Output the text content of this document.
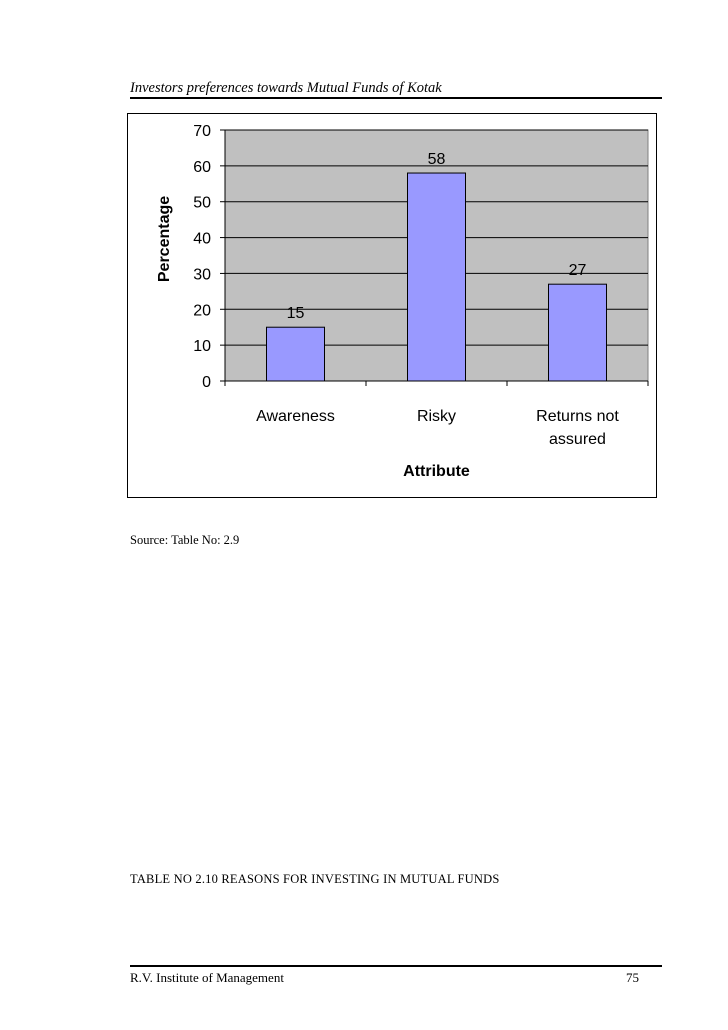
Investors preferences towards Mutual Funds of Kotak
0
10
20
30
40
50
60
70
15
Awareness
58
Risky
27
Returns not
assured
Attribute
Percentage
Source: Table No: 2.9
TABLE NO 2.10 REASONS FOR INVESTING IN MUTUAL FUNDS
R.V. Institute of Management	75
